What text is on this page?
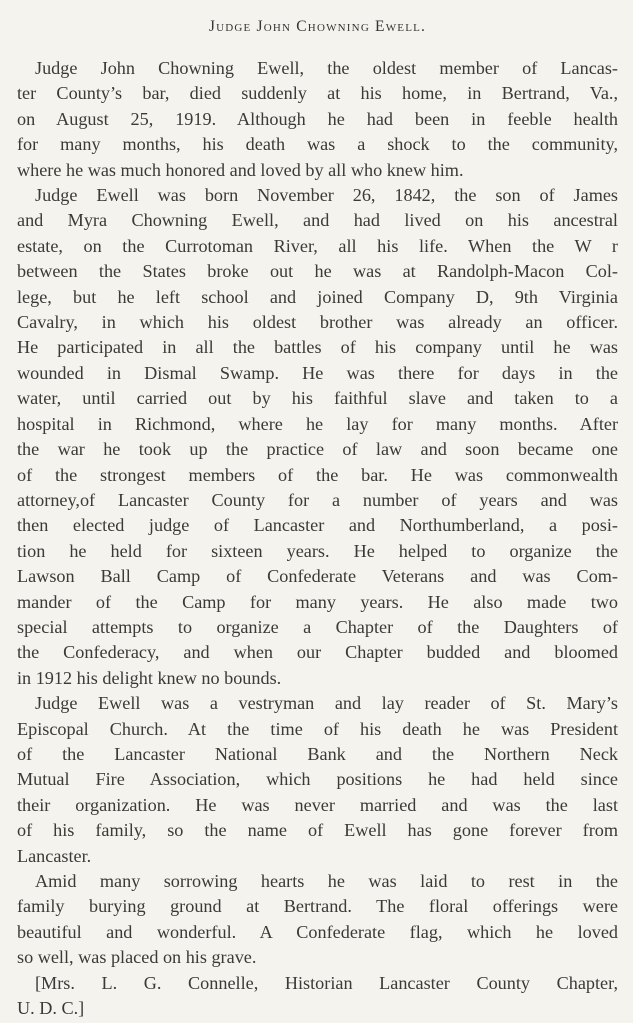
Judge John Chowning Ewell.
Judge John Chowning Ewell, the oldest member of Lancas-
ter County’s bar, died suddenly at his home, in Bertrand, Va.,
on August 25, 1919. Although he had been in feeble health
for many months, his death was a shock to the community,
where he was much honored and loved by all who knew him.
Judge Ewell was born November 26, 1842, the son of James
and Myra Chowning Ewell, and had lived on his ancestral
estate, on the Currotoman River, all his life. When the W r
between the States broke out he was at Randolph-Macon Col-
lege, but he left school and joined Company D, 9th Virginia
Cavalry, in which his oldest brother was already an officer.
He participated in all the battles of his company until he was
wounded in Dismal Swamp. He was there for days in the
water, until carried out by his faithful slave and taken to a
hospital in Richmond, where he lay for many months. After
the war he took up the practice of law and soon became one
of the strongest members of the bar. He was commonwealth
attorney,of Lancaster County for a number of years and was
then elected judge of Lancaster and Northumberland, a posi-
tion he held for sixteen years. He helped to organize the
Lawson Ball Camp of Confederate Veterans and was Com-
mander of the Camp for many years. He also made two
special attempts to organize a Chapter of the Daughters of
the Confederacy, and when our Chapter budded and bloomed
in 1912 his delight knew no bounds.
Judge Ewell was a vestryman and lay reader of St. Mary’s
Episcopal Church. At the time of his death he was President
of the Lancaster National Bank and the Northern Neck
Mutual Fire Association, which positions he had held since
their organization. He was never married and was the last
of his family, so the name of Ewell has gone forever from
Lancaster.
Amid many sorrowing hearts he was laid to rest in the
family burying ground at Bertrand. The floral offerings were
beautiful and wonderful. A Confederate flag, which he loved
so well, was placed on his grave.
[Mrs. L. G. Connelle, Historian Lancaster County Chapter,
U. D. C.]
